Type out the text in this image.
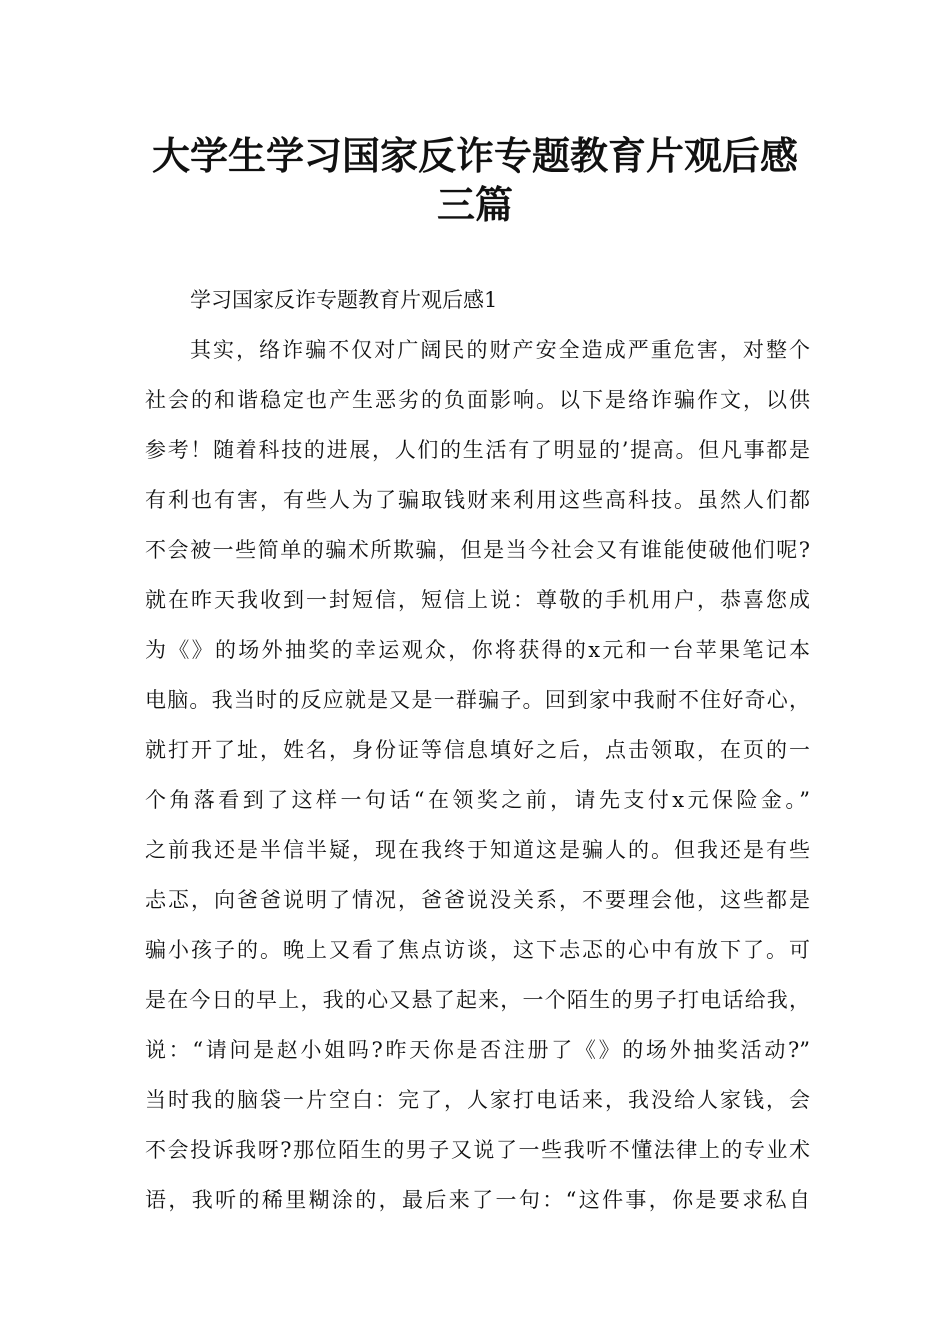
大学生学习国家反诈专题教育片观后感
三篇
学习国家反诈专题教育片观后感1
其实，络诈骗不仅对广阔民的财产安全造成严重危害，对整个
社会的和谐稳定也产生恶劣的负面影响。以下是络诈骗作文，以供
参考！随着科技的进展，人们的生活有了明显的’提高。但凡事都是
有利也有害，有些人为了骗取钱财来利用这些高科技。虽然人们都
不会被一些简单的骗术所欺骗，但是当今社会又有谁能使破他们呢?
就在昨天我收到一封短信，短信上说：尊敬的手机用户，恭喜您成
为《》的场外抽奖的幸运观众，你将获得的x元和一台苹果笔记本
电脑。我当时的反应就是又是一群骗子。回到家中我耐不住好奇心，
就打开了址，姓名，身份证等信息填好之后，点击领取，在页的一
个角落看到了这样一句话“在领奖之前，请先支付x元保险金。”
之前我还是半信半疑，现在我终于知道这是骗人的。但我还是有些
忐忑，向爸爸说明了情况，爸爸说没关系，不要理会他，这些都是
骗小孩子的。晚上又看了焦点访谈，这下忐忑的心中有放下了。可
是在今日的早上，我的心又悬了起来，一个陌生的男子打电话给我，
说：“请问是赵小姐吗?昨天你是否注册了《》的场外抽奖活动?”
当时我的脑袋一片空白：完了，人家打电话来，我没给人家钱，会
不会投诉我呀?那位陌生的男子又说了一些我听不懂法律上的专业术
语，我听的稀里糊涂的，最后来了一句：“这件事，你是要求私自
